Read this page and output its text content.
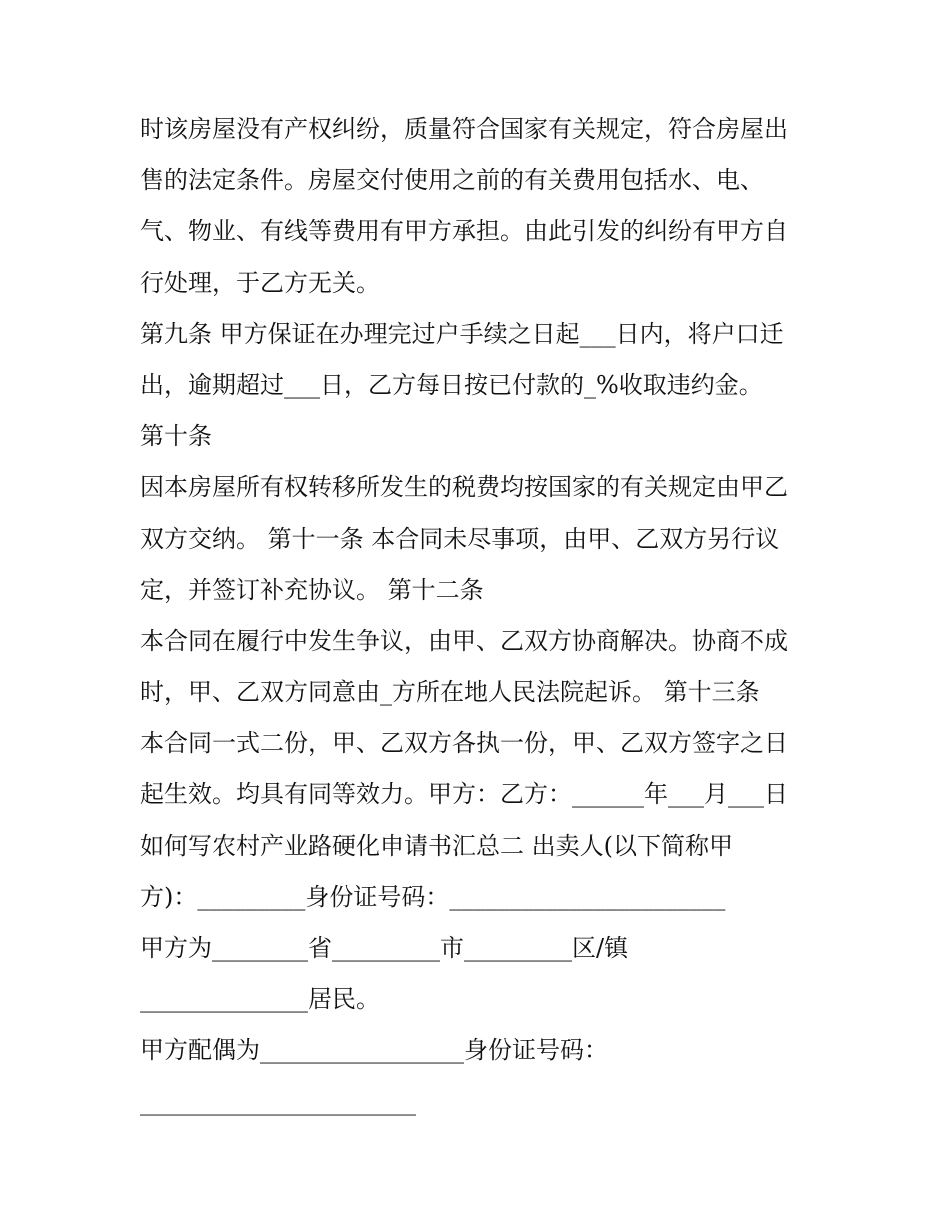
时该房屋没有产权纠纷，质量符合国家有关规定，符合房屋出
售的法定条件。房屋交付使用之前的有关费用包括水、电、
气、物业、有线等费用有甲方承担。由此引发的纠纷有甲方自
行处理，于乙方无关。
第九条 甲方保证在办理完过户手续之日起___日内，将户口迁
出，逾期超过___日，乙方每日按已付款的_%收取违约金。
第十条
因本房屋所有权转移所发生的税费均按国家的有关规定由甲乙
双方交纳。 第十一条 本合同未尽事项，由甲、乙双方另行议
定，并签订补充协议。 第十二条
本合同在履行中发生争议，由甲、乙双方协商解决。协商不成
时，甲、乙双方同意由_方所在地人民法院起诉。 第十三条
本合同一式二份，甲、乙双方各执一份，甲、乙双方签字之日
起生效。均具有同等效力。甲方：乙方：______年___月___日
如何写农村产业路硬化申请书汇总二 出卖人(以下简称甲
方)：_________身份证号码：_______________________
甲方为________省_________市_________区/镇
______________居民。
甲方配偶为_________________身份证号码：
_______________________
